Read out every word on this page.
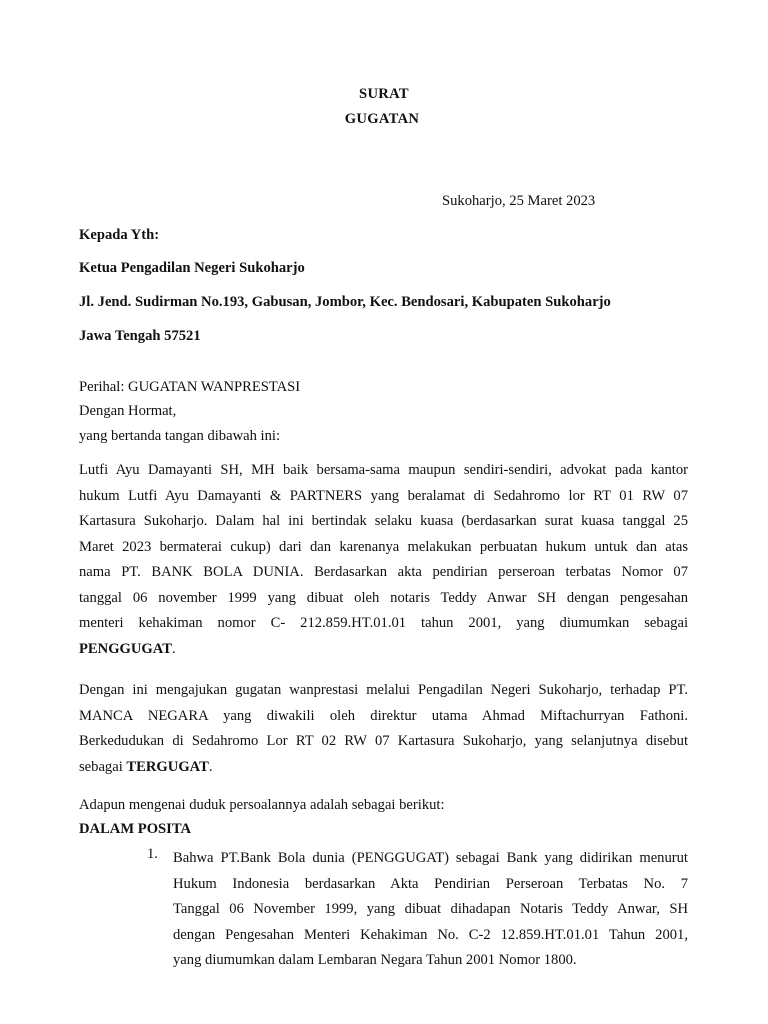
SURAT
GUGATAN
Sukoharjo, 25 Maret 2023
Kepada Yth:
Ketua Pengadilan Negeri Sukoharjo
Jl. Jend. Sudirman No.193, Gabusan, Jombor, Kec. Bendosari, Kabupaten Sukoharjo
Jawa Tengah 57521
Perihal: GUGATAN WANPRESTASI
Dengan Hormat,
yang bertanda tangan dibawah ini:
Lutfi Ayu Damayanti SH, MH baik bersama-sama maupun sendiri-sendiri, advokat pada kantor
hukum Lutfi Ayu Damayanti & PARTNERS yang beralamat di Sedahromo lor RT 01 RW 07
Kartasura Sukoharjo. Dalam hal ini bertindak selaku kuasa (berdasarkan surat kuasa tanggal 25
Maret 2023 bermaterai cukup) dari dan karenanya melakukan perbuatan hukum untuk dan atas
nama PT. BANK BOLA DUNIA. Berdasarkan akta pendirian perseroan terbatas Nomor 07
tanggal 06 november 1999 yang dibuat oleh notaris Teddy Anwar SH dengan pengesahan
menteri kehakiman nomor C- 212.859.HT.01.01 tahun 2001, yang diumumkan sebagai
PENGGUGAT.
Dengan ini mengajukan gugatan wanprestasi melalui Pengadilan Negeri Sukoharjo, terhadap PT.
MANCA NEGARA yang diwakili oleh direktur utama Ahmad Miftachurryan Fathoni.
Berkedudukan di Sedahromo Lor RT 02 RW 07 Kartasura Sukoharjo, yang selanjutnya disebut
sebagai TERGUGAT.
Adapun mengenai duduk persoalannya adalah sebagai berikut:
DALAM POSITA
1. Bahwa PT.Bank Bola dunia (PENGGUGAT) sebagai Bank yang didirikan menurut
Hukum Indonesia berdasarkan Akta Pendirian Perseroan Terbatas No. 7
Tanggal 06 November 1999, yang dibuat dihadapan Notaris Teddy Anwar, SH
dengan Pengesahan Menteri Kehakiman No. C-2 12.859.HT.01.01 Tahun 2001,
yang diumumkan dalam Lembaran Negara Tahun 2001 Nomor 1800.
